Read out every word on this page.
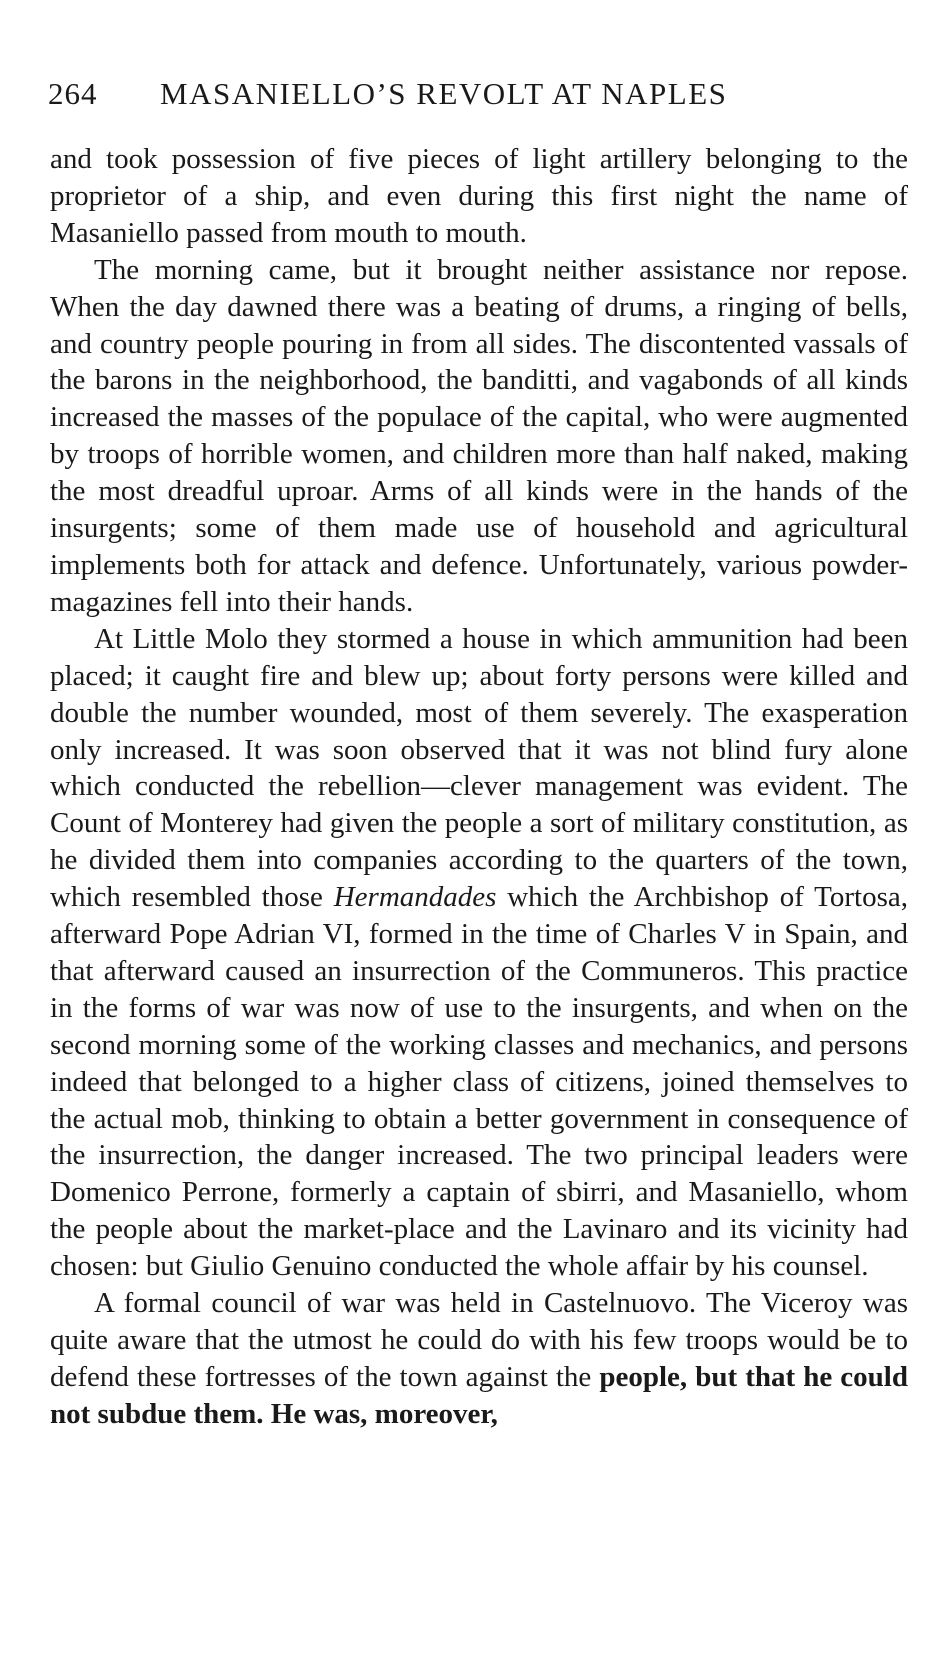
264 MASANIELLO’S REVOLT AT NAPLES

and took possession of five pieces of light artillery belonging to the proprietor of a ship, and even during this first night the name of Masaniello passed from mouth to mouth.

The morning came, but it brought neither assistance nor repose. When the day dawned there was a beating of drums, a ringing of bells, and country people pouring in from all sides. The discontented vassals of the barons in the neighborhood, the banditti, and vagabonds of all kinds increased the masses of the populace of the capital, who were augmented by troops of horrible women, and children more than half naked, making the most dreadful uproar. Arms of all kinds were in the hands of the insurgents; some of them made use of household and agricultural implements both for attack and defence. Unfortunately, various powder-magazines fell into their hands.

At Little Molo they stormed a house in which ammunition had been placed; it caught fire and blew up; about forty persons were killed and double the number wounded, most of them severely. The exasperation only increased. It was soon observed that it was not blind fury alone which conducted the rebellion—clever management was evident. The Count of Monterey had given the people a sort of military constitution, as he divided them into companies according to the quarters of the town, which resembled those Hermandades which the Archbishop of Tortosa, afterward Pope Adrian VI, formed in the time of Charles V in Spain, and that afterward caused an insurrection of the Communeros. This practice in the forms of war was now of use to the insurgents, and when on the second morning some of the working classes and mechanics, and persons indeed that belonged to a higher class of citizens, joined themselves to the actual mob, thinking to obtain a better government in consequence of the insurrection, the danger increased. The two principal leaders were Domenico Perrone, formerly a captain of sbirri, and Masaniello, whom the people about the market-place and the Lavinaro and its vicinity had chosen: but Giulio Genuino conducted the whole affair by his counsel.

A formal council of war was held in Castelnuovo. The Viceroy was quite aware that the utmost he could do with his few troops would be to defend these fortresses of the town against the people, but that he could not subdue them. He was, moreover,
